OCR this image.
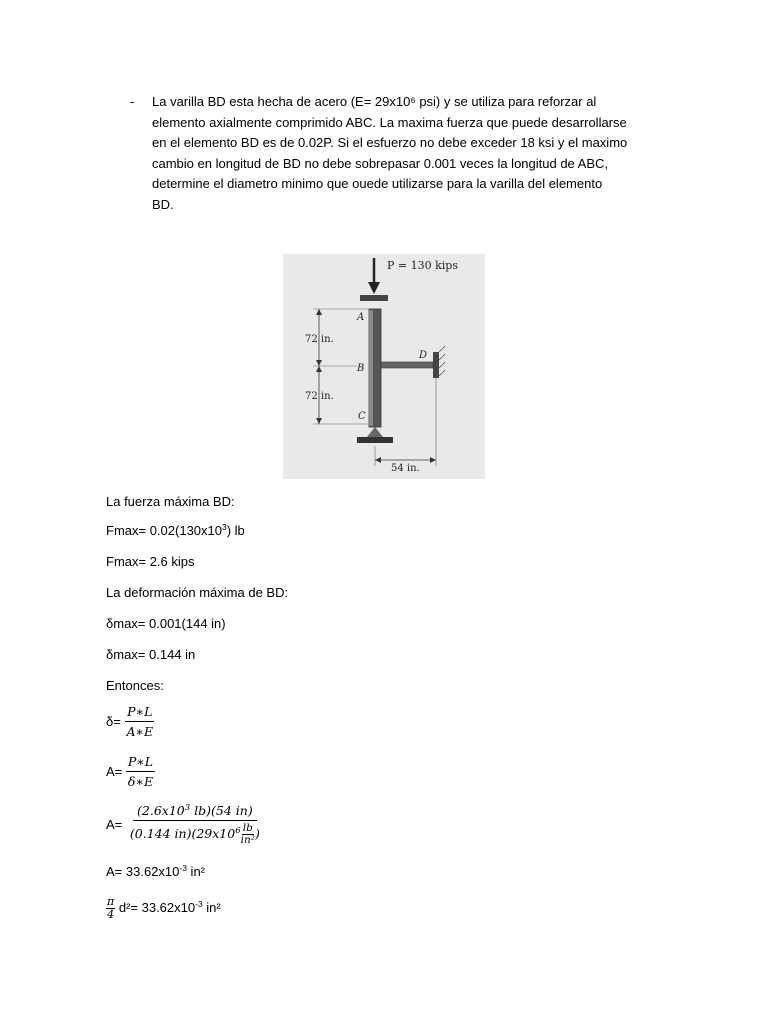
-	La varilla BD esta hecha de acero (E= 29x10⁶ psi) y se utiliza para reforzar al
elemento axialmente comprimido ABC. La maxima fuerza que puede desarrollarse
en el elemento BD es de 0.02P. Si el esfuerzo no debe exceder 18 ksi y el maximo
cambio en longitud de BD no debe sobrepasar 0.001 veces la longitud de ABC,
determine el diametro minimo que ouede utilizarse para la varilla del elemento
BD.
P = 130 kips
A
B
C
D
72 in.
72 in.
54 in.
La fuerza máxima BD:
$Fmax= 0.02(130x10^3)$ lb
Fmax= 2.6 kips
La deformación máxima de BD:
δmax= 0.001(144 in)
δmax= 0.144 in
Entonces:
$\delta= \frac{P∗L}{A∗E}$
$A= \frac{P∗L}{\delta∗E}$
$A= \frac{(2.6x10^3 lb)(54 in)}{(0.144 in)(29x10^6 \frac{lb}{\text{in²}} )}$
$A= 33.62x10^{-3}$ in²
$\frac{\pi}{4} d^2= 33.62x10^{-3}$ in²
